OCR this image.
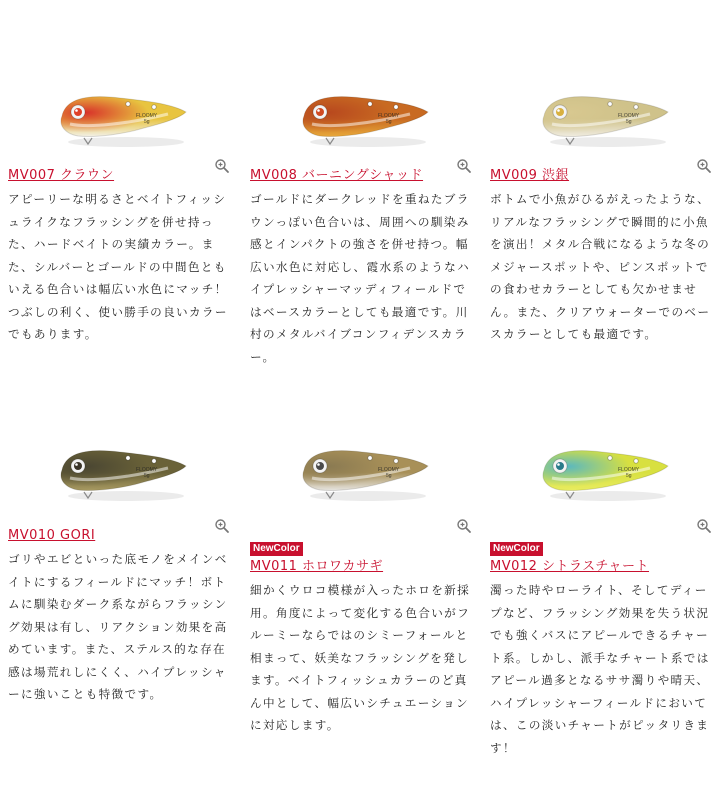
FLOOMY
5g
MV007 クラウン

アピーリーな明るさとベイトフィッシュライクなフラッシングを併せ持った、ハードベイトの実績カラー。また、シルバーとゴールドの中間色ともいえる色合いは幅広い水色にマッチ！つぶしの利く、使い勝手の良いカラーでもあります。

FLOOMY
5g
MV008 バーニングシャッド

ゴールドにダークレッドを重ねたブラウンっぽい色合いは、周囲への馴染み感とインパクトの強さを併せ持つ。幅広い水色に対応し、霞水系のようなハイプレッシャーマッディフィールドではベースカラーとしても最適です。川村のメタルバイブコンフィデンスカラー。

FLOOMY
5g
MV009 渋銀

ボトムで小魚がひるがえったような、リアルなフラッシングで瞬間的に小魚を演出！メタル合戦になるような冬のメジャースポットや、ピンスポットでの食わせカラーとしても欠かせません。また、クリアウォーターでのベースカラーとしても最適です。

FLOOMY
5g
MV010 GORI

ゴリやエビといった底モノをメインベイトにするフィールドにマッチ！ボトムに馴染むダーク系ながらフラッシング効果は有し、リアクション効果を高めています。また、ステルス的な存在感は場荒れしにくく、ハイプレッシャーに強いことも特徴です。

FLOOMY
5g
NewColor
MV011 ホロワカサギ

細かくウロコ模様が入ったホロを新採用。角度によって変化する色合いがフルーミーならではのシミーフォールと相まって、妖美なフラッシングを発します。ベイトフィッシュカラーのど真ん中として、幅広いシチュエーションに対応します。

FLOOMY
5g
NewColor
MV012 シトラスチャート

濁った時やローライト、そしてディープなど、フラッシング効果を失う状況でも強くバスにアピールできるチャート系。しかし、派手なチャート系ではアピール過多となるササ濁りや晴天、ハイプレッシャーフィールドにおいては、この淡いチャートがピッタリきます！
